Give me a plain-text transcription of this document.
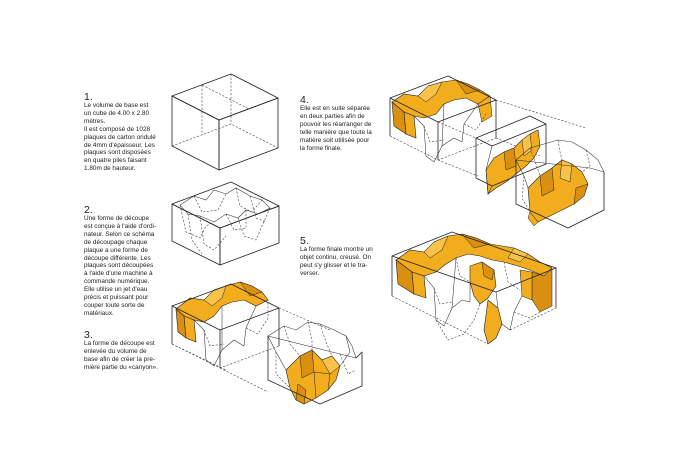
1.
Le volume de base est
un cube de 4.00 x 2.80
mètres.
Il est composé de 1028
plaques de carton ondulé
de 4mm d'épaisseur. Les
plaques sont disposées
en quatre piles faisant
1.80m de hauteur.
2.
Une forme de découpe
est conçue à l'aide d'ordi-
nateur. Selon ce schéma
de découpage chaque
plaque a une forme de
découpe différente. Les
plaques sont découpées
à l'aide d'une machine à
commande numérique.
Elle utilise un jet d'eau
précis et puissant pour
couper toute sorte de
matériaux.
3.
La forme de découpe est
enlevée du volume de
base afin de créer la pre-
mière partie du «canyon».
4.
Elle est en suite séparée
en deux parties afin de
pouvoir les réarranger de
telle manière que toute la
matière soit utilisée pour
la forme finale.
5.
La forme finale montre un
objet continu, creusé. On
peut s'y glisser et le tra-
verser.
